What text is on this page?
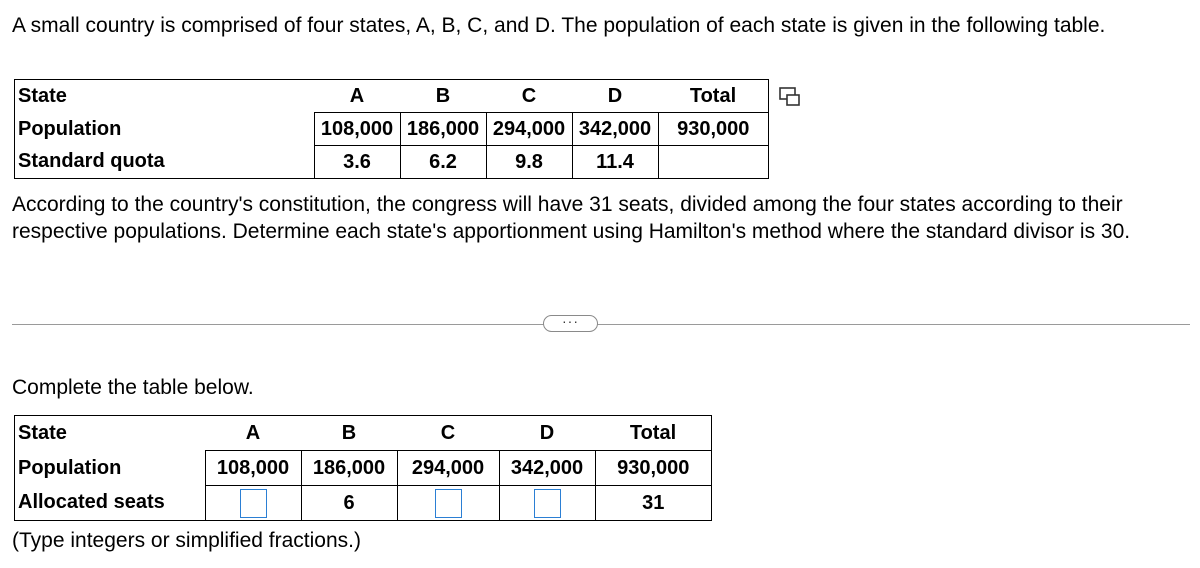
A small country is comprised of four states, A, B, C, and D. The population of each state is given in the following table.
State	A	B	C	D	Total
Population	108,000	186,000	294,000	342,000	930,000
Standard quota	3.6	6.2	9.8	11.4	
According to the country's constitution, the congress will have 31 seats, divided among the four states according to their respective populations. Determine each state's apportionment using Hamilton's method where the standard divisor is 30.
···
Complete the table below.
State	A	B	C	D	Total
Population	108,000	186,000	294,000	342,000	930,000
Allocated seats		6			31
(Type integers or simplified fractions.)
